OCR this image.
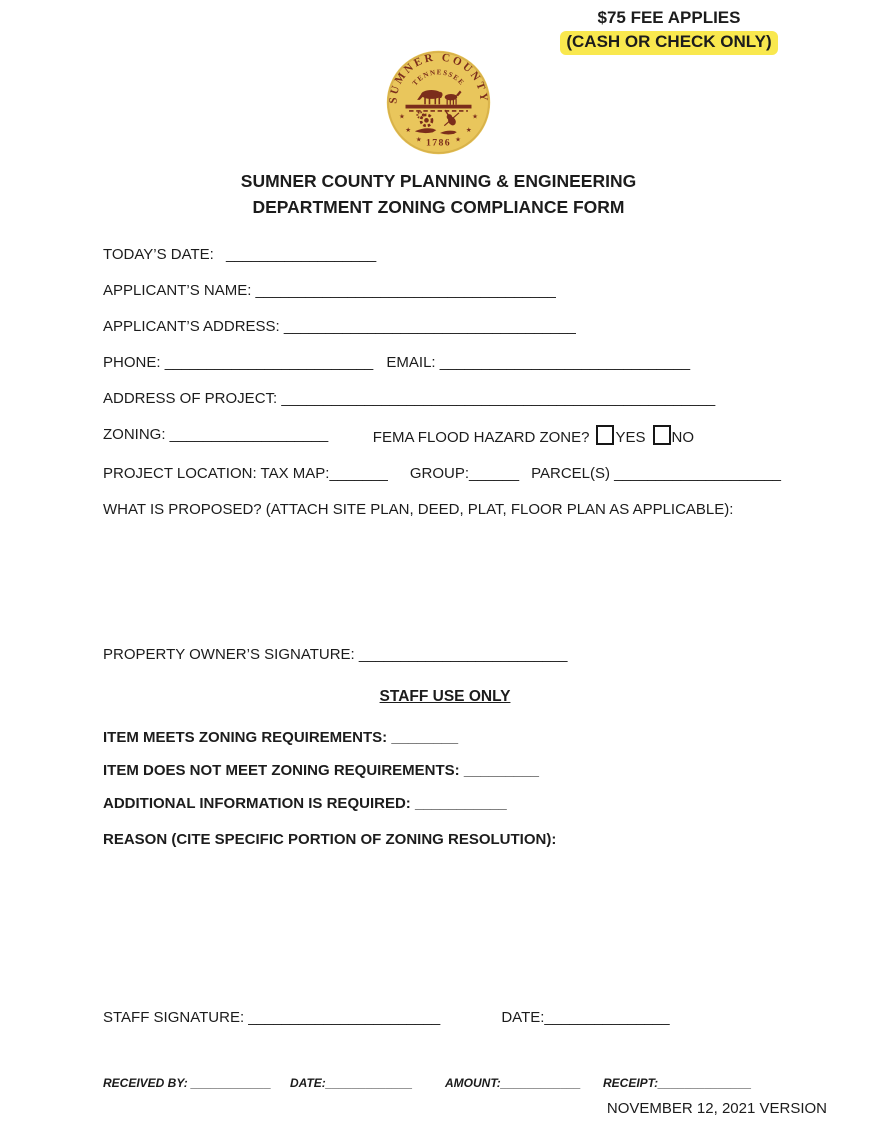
$75 FEE APPLIES
(CASH OR CHECK ONLY)
SUMNER COUNTY
TENNESSEE
★
★
★
★
★
★
1786
SUMNER COUNTY PLANNING & ENGINEERING
DEPARTMENT ZONING COMPLIANCE FORM
TODAY’S DATE: __________________
APPLICANT’S NAME: ____________________________________
APPLICANT’S ADDRESS: ___________________________________
PHONE: _________________________ EMAIL: ______________________________
ADDRESS OF PROJECT: ____________________________________________________
ZONING: ___________________	FEMA FLOOD HAZARD ZONE? YES NO
PROJECT LOCATION: TAX MAP:_______ GROUP:______ PARCEL(S) ____________________
WHAT IS PROPOSED? (ATTACH SITE PLAN, DEED, PLAT, FLOOR PLAN AS APPLICABLE):
PROPERTY OWNER’S SIGNATURE: _________________________
STAFF USE ONLY
ITEM MEETS ZONING REQUIREMENTS: ________
ITEM DOES NOT MEET ZONING REQUIREMENTS: _________
ADDITIONAL INFORMATION IS REQUIRED: ___________
REASON (CITE SPECIFIC PORTION OF ZONING RESOLUTION):
STAFF SIGNATURE: _______________________	DATE:_______________
RECEIVED BY: ____________ DATE:_____________	AMOUNT:____________ RECEIPT:______________
NOVEMBER 12, 2021 VERSION
